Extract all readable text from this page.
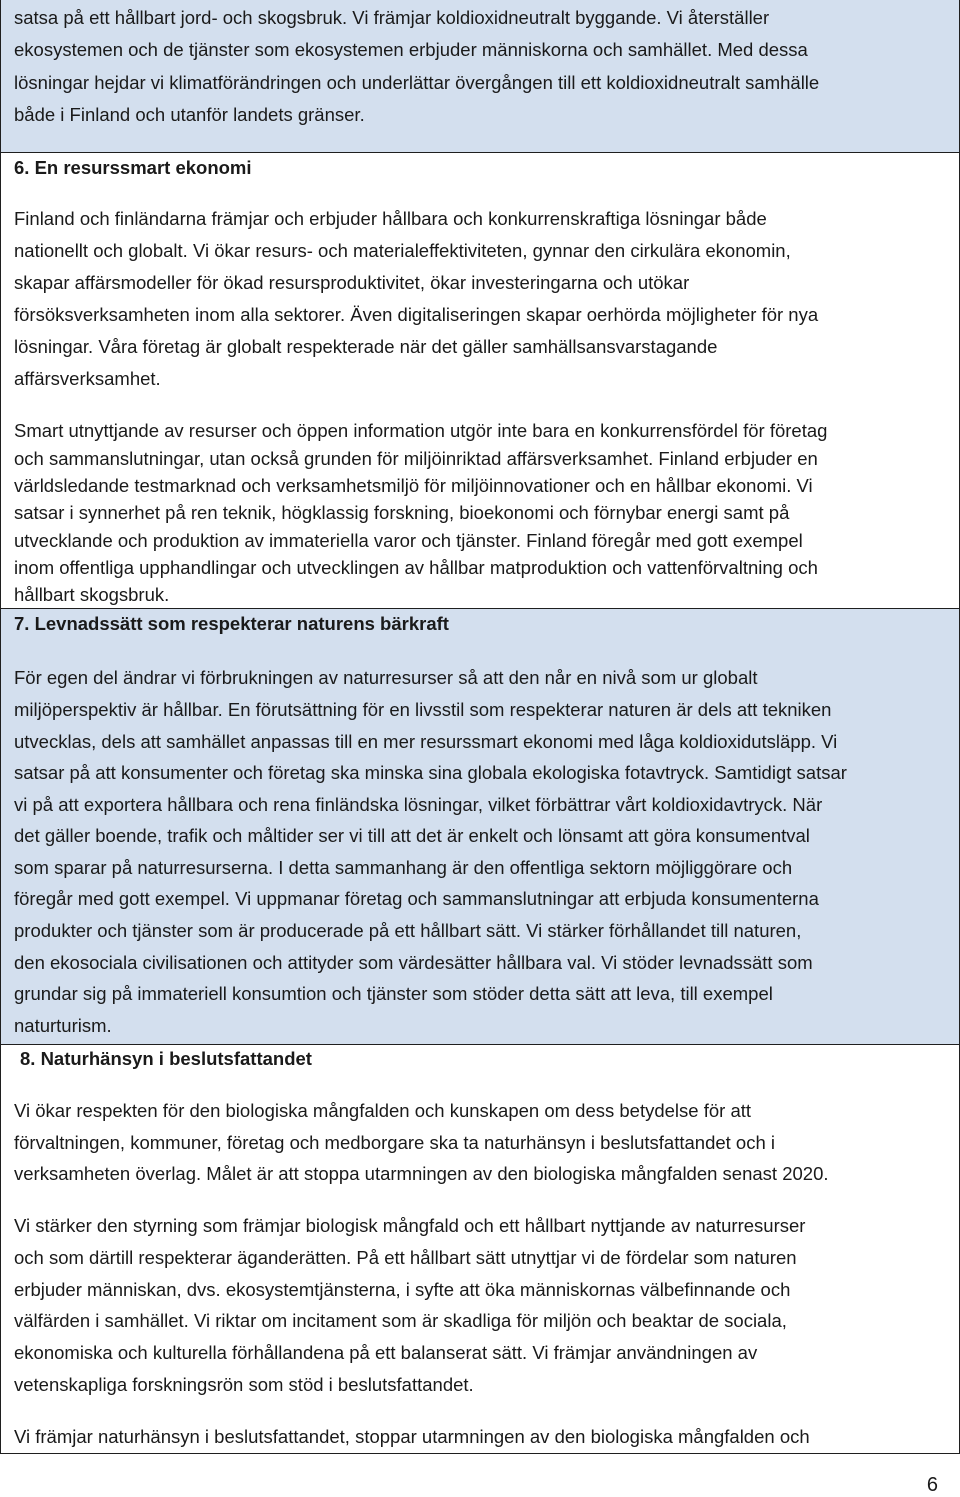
satsa på ett hållbart jord- och skogsbruk. Vi främjar koldioxidneutralt byggande. Vi återställer
ekosystemen och de tjänster som ekosystemen erbjuder människorna och samhället. Med dessa
lösningar hejdar vi klimatförändringen och underlättar övergången till ett koldioxidneutralt samhälle
både i Finland och utanför landets gränser.
6. En resurssmart ekonomi
Finland och finländarna främjar och erbjuder hållbara och konkurrenskraftiga lösningar både
nationellt och globalt. Vi ökar resurs- och materialeffektiviteten, gynnar den cirkulära ekonomin,
skapar affärsmodeller för ökad resursproduktivitet, ökar investeringarna och utökar
försöksverksamheten inom alla sektorer. Även digitaliseringen skapar oerhörda möjligheter för nya
lösningar. Våra företag är globalt respekterade när det gäller samhällsansvarstagande
affärsverksamhet.
Smart utnyttjande av resurser och öppen information utgör inte bara en konkurrensfördel för företag
och sammanslutningar, utan också grunden för miljöinriktad affärsverksamhet. Finland erbjuder en
världsledande testmarknad och verksamhetsmiljö för miljöinnovationer och en hållbar ekonomi. Vi
satsar i synnerhet på ren teknik, högklassig forskning, bioekonomi och förnybar energi samt på
utvecklande och produktion av immateriella varor och tjänster. Finland föregår med gott exempel
inom offentliga upphandlingar och utvecklingen av hållbar matproduktion och vattenförvaltning och
hållbart skogsbruk.
7. Levnadssätt som respekterar naturens bärkraft
För egen del ändrar vi förbrukningen av naturresurser så att den når en nivå som ur globalt
miljöperspektiv är hållbar. En förutsättning för en livsstil som respekterar naturen är dels att tekniken
utvecklas, dels att samhället anpassas till en mer resurssmart ekonomi med låga koldioxidutsläpp. Vi
satsar på att konsumenter och företag ska minska sina globala ekologiska fotavtryck. Samtidigt satsar
vi på att exportera hållbara och rena finländska lösningar, vilket förbättrar vårt koldioxidavtryck. När
det gäller boende, trafik och måltider ser vi till att det är enkelt och lönsamt att göra konsumentval
som sparar på naturresurserna. I detta sammanhang är den offentliga sektorn möjliggörare och
föregår med gott exempel. Vi uppmanar företag och sammanslutningar att erbjuda konsumenterna
produkter och tjänster som är producerade på ett hållbart sätt. Vi stärker förhållandet till naturen,
den ekosociala civilisationen och attityder som värdesätter hållbara val. Vi stöder levnadssätt som
grundar sig på immateriell konsumtion och tjänster som stöder detta sätt att leva, till exempel
naturturism.
8. Naturhänsyn i beslutsfattandet
Vi ökar respekten för den biologiska mångfalden och kunskapen om dess betydelse för att
förvaltningen, kommuner, företag och medborgare ska ta naturhänsyn i beslutsfattandet och i
verksamheten överlag. Målet är att stoppa utarmningen av den biologiska mångfalden senast 2020.
Vi stärker den styrning som främjar biologisk mångfald och ett hållbart nyttjande av naturresurser
och som därtill respekterar äganderätten. På ett hållbart sätt utnyttjar vi de fördelar som naturen
erbjuder människan, dvs. ekosystemtjänsterna, i syfte att öka människornas välbefinnande och
välfärden i samhället. Vi riktar om incitament som är skadliga för miljön och beaktar de sociala,
ekonomiska och kulturella förhållandena på ett balanserat sätt. Vi främjar användningen av
vetenskapliga forskningsrön som stöd i beslutsfattandet.
Vi främjar naturhänsyn i beslutsfattandet, stoppar utarmningen av den biologiska mångfalden och
6
